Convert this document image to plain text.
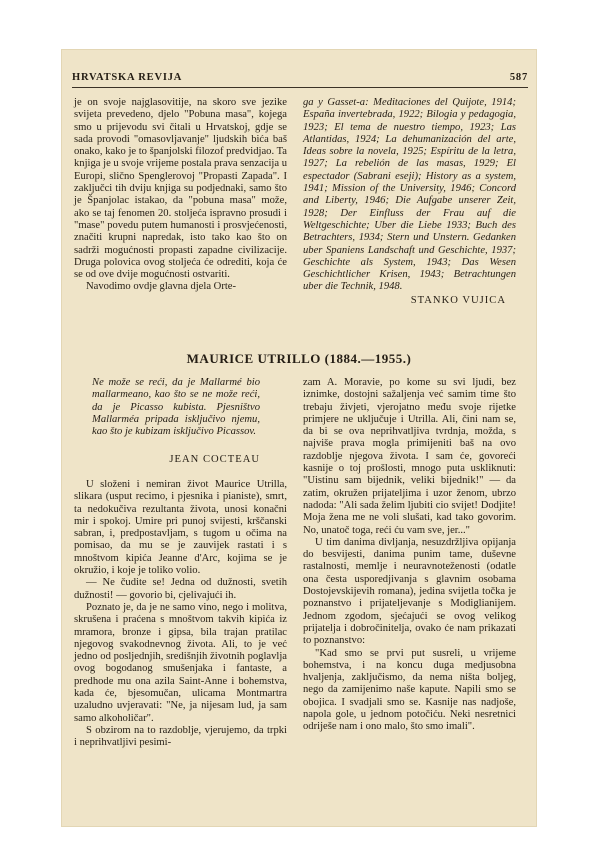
HRVATSKA REVIJA	587

je on svoje najglasovitije, na skoro sve jezike svijeta prevedeno, djelo "Pobuna masa", kojega smo u prijevodu svi čitali u Hrvatskoj, gdje se sada provodi "omasovljavanje" ljudskih bića baš onako, kako je to španjolski filozof predvidjao. Ta knjiga je u svoje vrijeme postala prava senzacija u Europi, slično Spenglerovoj "Propasti Zapada". I zaključci tih dviju knjiga su podjednaki, samo što je Španjolac istakao, da "pobuna masa" može, ako se taj fenomen 20. stoljeća ispravno prosudi i "mase" povedu putem humanosti i prosvjećenosti, značiti krupni napredak, isto tako kao što on sadrži mogućnosti propasti zapadne civilizacije. Druga polovica ovog stoljeća će odrediti, koja će se od ove dvije mogućnosti ostvariti.

Navodimo ovdje glavna djela Orte-

ga y Gasset-a: Meditaciones del Quijote, 1914; España invertebrada, 1922; Bilogia y pedagogia, 1923; El tema de nuestro tiempo, 1923; Las Atlantidas, 1924; La dehumanización del arte, Ideas sobre la novela, 1925; Espíritu de la letra, 1927; La rebelión de las masas, 1929; El espectador (Sabrani eseji); History as a system, 1941; Mission of the University, 1946; Concord and Liberty, 1946; Die Aufgabe unserer Zeit, 1928; Der Einfluss der Frau auf die Weltgeschichte; Uber die Liebe 1933; Buch des Betrachters, 1934; Stern und Unstern. Gedanken uber Spaniens Landschaft und Geschichte, 1937; Geschichte als System, 1943; Das Wesen Geschichtlicher Krisen, 1943; Betrachtungen uber die Technik, 1948.

STANKO VUJICA
MAURICE UTRILLO (1884.—1955.)
Ne može se reći, da je Mallarmé bio mallarmeano, kao što se ne može reći, da je Picasso kubista. Pjesništvo Mallarméa pripada isključivo njemu, kao što je kubizam isključivo Picassov.
JEAN COCTEAU

U složeni i nemiran život Maurice Utrilla, slikara (usput recimo, i pjesnika i pianiste), smrt, ta nedokučiva rezultanta života, unosi konačni mir i spokoj. Umire pri punoj svijesti, krščanski sabran, i, predpostavljam, s tugom u očima na pomisao, da mu se je zauvijek rastati i s mnoštvom kipića Jeanne d'Arc, kojima se je okružio, i koje je toliko volio.

— Ne čudite se! Jedna od dužnosti, svetih dužnosti! — govorio bi, cjelivajući ih.

Poznato je, da je ne samo vino, nego i molitva, skrušena i praćena s mnoštvom takvih kipića iz mramora, bronze i gipsa, bila trajan pratilac njegovog svakodnevnog života. Ali, to je već jedno od posljednjih, središnjih životnih poglavlja ovog bogodanog smušenjaka i fantaste, a predhode mu ona azila Saint-Anne i bohemstva, kada će, bjesomučan, ulicama Montmartra uzaludno uvjeravati: "Ne, ja nijesam lud, ja sam samo alkoholičar".

S obzirom na to razdoblje, vjerujemo, da trpki i neprihvatljivi pesimi-

zam A. Moravie, po kome su svi ljudi, bez iznimke, dostojni sažaljenja već samim time što trebaju živjeti, vjerojatno među svoje rijetke primjere ne uključuje i Utrilla. Ali, čini nam se, da bi se ova neprihvatljiva tvrdnja, možda, s najviše prava mogla primijeniti baš na ovo razdoblje njegova života. I sam će, govoreći kasnije o toj prošlosti, mnogo puta uskliknuti: "Uistinu sam bijednik, veliki bijednik!" — da zatim, okružen prijateljima i uzor ženom, ubrzo nadoda: "Ali sada želim ljubiti cio svijet! Dodjite! Moja žena me ne voli slušati, kad tako govorim. No, unatoč toga, reći ću vam sve, jer..."

U tim danima divljanja, nesuzdržljiva opijanja do besvijesti, danima punim tame, duševne rastalnosti, memlje i neuravnoteženosti (odatle ona česta usporedjivanja s glavnim osobama Dostojevskijevih romana), jedina svijetla točka je poznanstvo i prijateljevanje s Modiglianijem. Jednom zgodom, sjećajući se ovog velikog prijatelja i dobročinitelja, ovako će nam prikazati to poznanstvo:

"Kad smo se prvi put susreli, u vrijeme bohemstva, i na koncu duga medjusobna hvaljenja, zaključismo, da nema ništa boljeg, nego da zamijenimo naše kapute. Napili smo se obojica. I svadjali smo se. Kasnije nas nadjoše, napola gole, u jednom potočiću. Neki nesretnici odriješe nam i ono malo, što smo imali".
